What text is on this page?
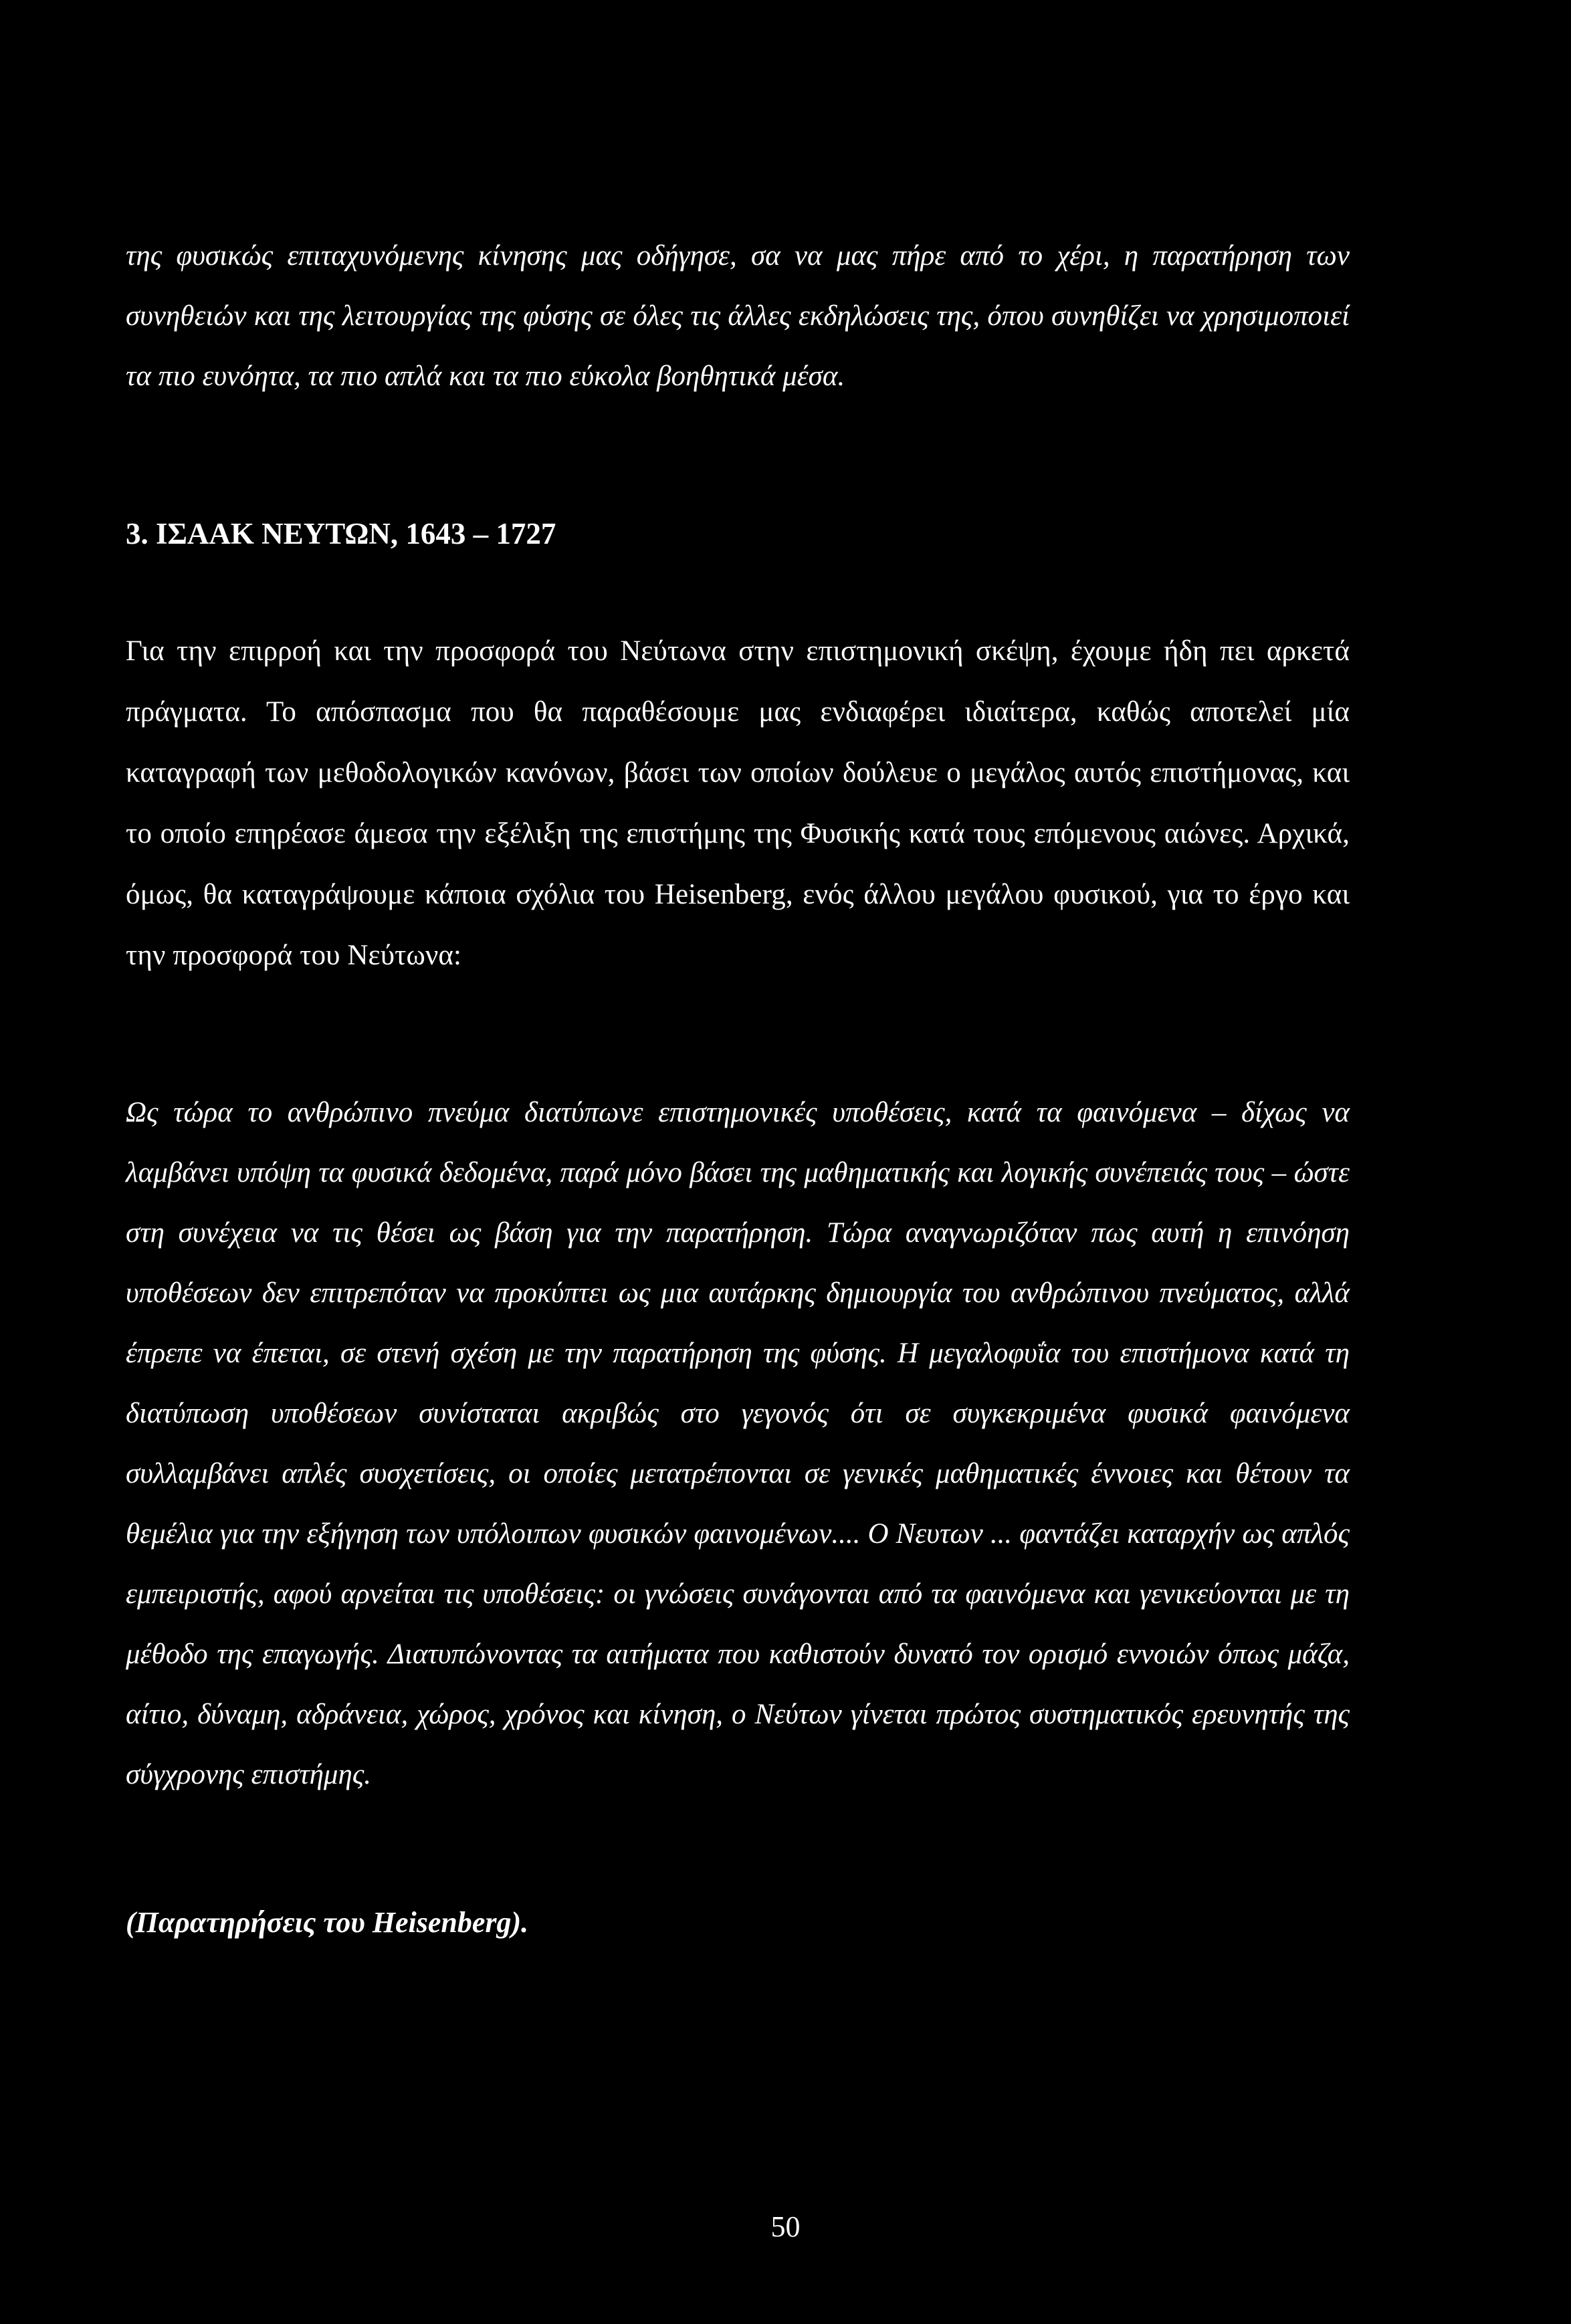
της φυσικώς επιταχυνόμενης κίνησης μας οδήγησε, σα να μας πήρε από το χέρι, η παρατήρηση των συνηθειών και της λειτουργίας της φύσης σε όλες τις άλλες εκδηλώσεις της, όπου συνηθίζει να χρησιμοποιεί τα πιο ευνόητα, τα πιο απλά και τα πιο εύκολα βοηθητικά μέσα.

3. ΙΣΑΑΚ ΝΕΥΤΩΝ, 1643 – 1727

Για την επιρροή και την προσφορά του Νεύτωνα στην επιστημονική σκέψη, έχουμε ήδη πει αρκετά πράγματα. Το απόσπασμα που θα παραθέσουμε μας ενδιαφέρει ιδιαίτερα, καθώς αποτελεί μία καταγραφή των μεθοδολογικών κανόνων, βάσει των οποίων δούλευε ο μεγάλος αυτός επιστήμονας, και το οποίο επηρέασε άμεσα την εξέλιξη της επιστήμης της Φυσικής κατά τους επόμενους αιώνες. Αρχικά, όμως, θα καταγράψουμε κάποια σχόλια του Heisenberg, ενός άλλου μεγάλου φυσικού, για το έργο και την προσφορά του Νεύτωνα:

Ως τώρα το ανθρώπινο πνεύμα διατύπωνε επιστημονικές υποθέσεις, κατά τα φαινόμενα – δίχως να λαμβάνει υπόψη τα φυσικά δεδομένα, παρά μόνο βάσει της μαθηματικής και λογικής συνέπειάς τους – ώστε στη συνέχεια να τις θέσει ως βάση για την παρατήρηση. Τώρα αναγνωριζόταν πως αυτή η επινόηση υποθέσεων δεν επιτρεπόταν να προκύπτει ως μια αυτάρκης δημιουργία του ανθρώπινου πνεύματος, αλλά έπρεπε να έπεται, σε στενή σχέση με την παρατήρηση της φύσης. Η μεγαλοφυΐα του επιστήμονα κατά τη διατύπωση υποθέσεων συνίσταται ακριβώς στο γεγονός ότι σε συγκεκριμένα φυσικά φαινόμενα συλλαμβάνει απλές συσχετίσεις, οι οποίες μετατρέπονται σε γενικές μαθηματικές έννοιες και θέτουν τα θεμέλια για την εξήγηση των υπόλοιπων φυσικών φαινομένων.... Ο Νευτων ... φαντάζει καταρχήν ως απλός εμπειριστής, αφού αρνείται τις υποθέσεις: οι γνώσεις συνάγονται από τα φαινόμενα και γενικεύονται με τη μέθοδο της επαγωγής. Διατυπώνοντας τα αιτήματα που καθιστούν δυνατό τον ορισμό εννοιών όπως μάζα, αίτιο, δύναμη, αδράνεια, χώρος, χρόνος και κίνηση, ο Νεύτων γίνεται πρώτος συστηματικός ερευνητής της σύγχρονης επιστήμης.

(Παρατηρήσεις του Heisenberg).

50
